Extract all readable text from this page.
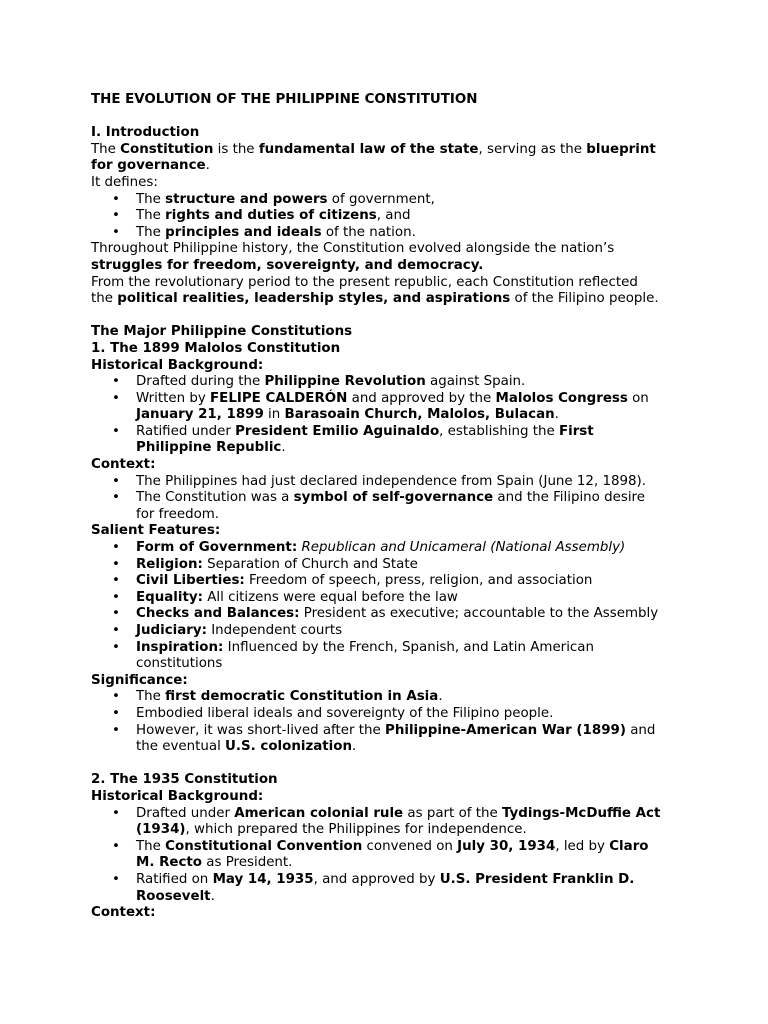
THE EVOLUTION OF THE PHILIPPINE CONSTITUTION
I. Introduction
The Constitution is the fundamental law of the state, serving as the blueprint
for governance.
It defines:
• The structure and powers of government,
• The rights and duties of citizens, and
• The principles and ideals of the nation.
Throughout Philippine history, the Constitution evolved alongside the nation’s
struggles for freedom, sovereignty, and democracy.
From the revolutionary period to the present republic, each Constitution reflected
the political realities, leadership styles, and aspirations of the Filipino people.
The Major Philippine Constitutions
1. The 1899 Malolos Constitution
Historical Background:
• Drafted during the Philippine Revolution against Spain.
• Written by FELIPE CALDERÓN and approved by the Malolos Congress on
January 21, 1899 in Barasoain Church, Malolos, Bulacan.
• Ratified under President Emilio Aguinaldo, establishing the First
Philippine Republic.
Context:
• The Philippines had just declared independence from Spain (June 12, 1898).
• The Constitution was a symbol of self-governance and the Filipino desire
for freedom.
Salient Features:
• Form of Government: Republican and Unicameral (National Assembly)
• Religion: Separation of Church and State
• Civil Liberties: Freedom of speech, press, religion, and association
• Equality: All citizens were equal before the law
• Checks and Balances: President as executive; accountable to the Assembly
• Judiciary: Independent courts
• Inspiration: Influenced by the French, Spanish, and Latin American
constitutions
Significance:
• The first democratic Constitution in Asia.
• Embodied liberal ideals and sovereignty of the Filipino people.
• However, it was short-lived after the Philippine-American War (1899) and
the eventual U.S. colonization.
2. The 1935 Constitution
Historical Background:
• Drafted under American colonial rule as part of the Tydings-McDuffie Act
(1934), which prepared the Philippines for independence.
• The Constitutional Convention convened on July 30, 1934, led by Claro
M. Recto as President.
• Ratified on May 14, 1935, and approved by U.S. President Franklin D.
Roosevelt.
Context:
